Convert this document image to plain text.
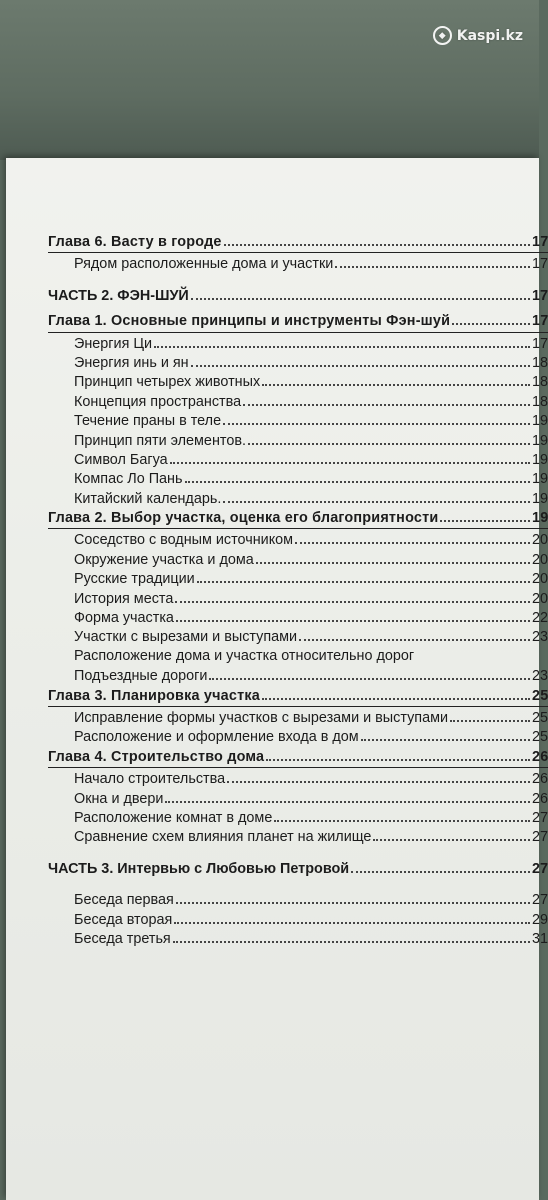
◆ Kaspi.kz
Глава 6. Васту в городе	17
Рядом расположенные дома и участки	17
ЧАСТЬ 2. ФЭН-ШУЙ	17
Глава 1. Основные принципы и инструменты Фэн-шуй	17
Энергия Ци	17
Энергия инь и ян	18
Принцип четырех животных	18
Концепция пространства	18
Течение праны в теле	19
Принцип пяти элементов.	19
Символ Багуа	19
Компас Ло Пань	19
Китайский календарь.	19
Глава 2. Выбор участка, оценка его благоприятности	19
Соседство с водным источником	20
Окружение участка и дома	20
Русские традиции	20
История места	20
Форма участка	22
Участки с вырезами и выступами	23
Расположение дома и участка относительно дорог
Подъездные дороги	23
Глава 3. Планировка участка	25
Исправление формы участков с вырезами и выступами	25
Расположение и оформление входа в дом	25
Глава 4. Строительство дома	26
Начало строительства	26
Окна и двери	26
Расположение комнат в доме	27
Сравнение схем влияния планет на жилище	27
ЧАСТЬ 3. Интервью с Любовью Петровой	27
Беседа первая	27
Беседа вторая	29
Беседа третья	31
